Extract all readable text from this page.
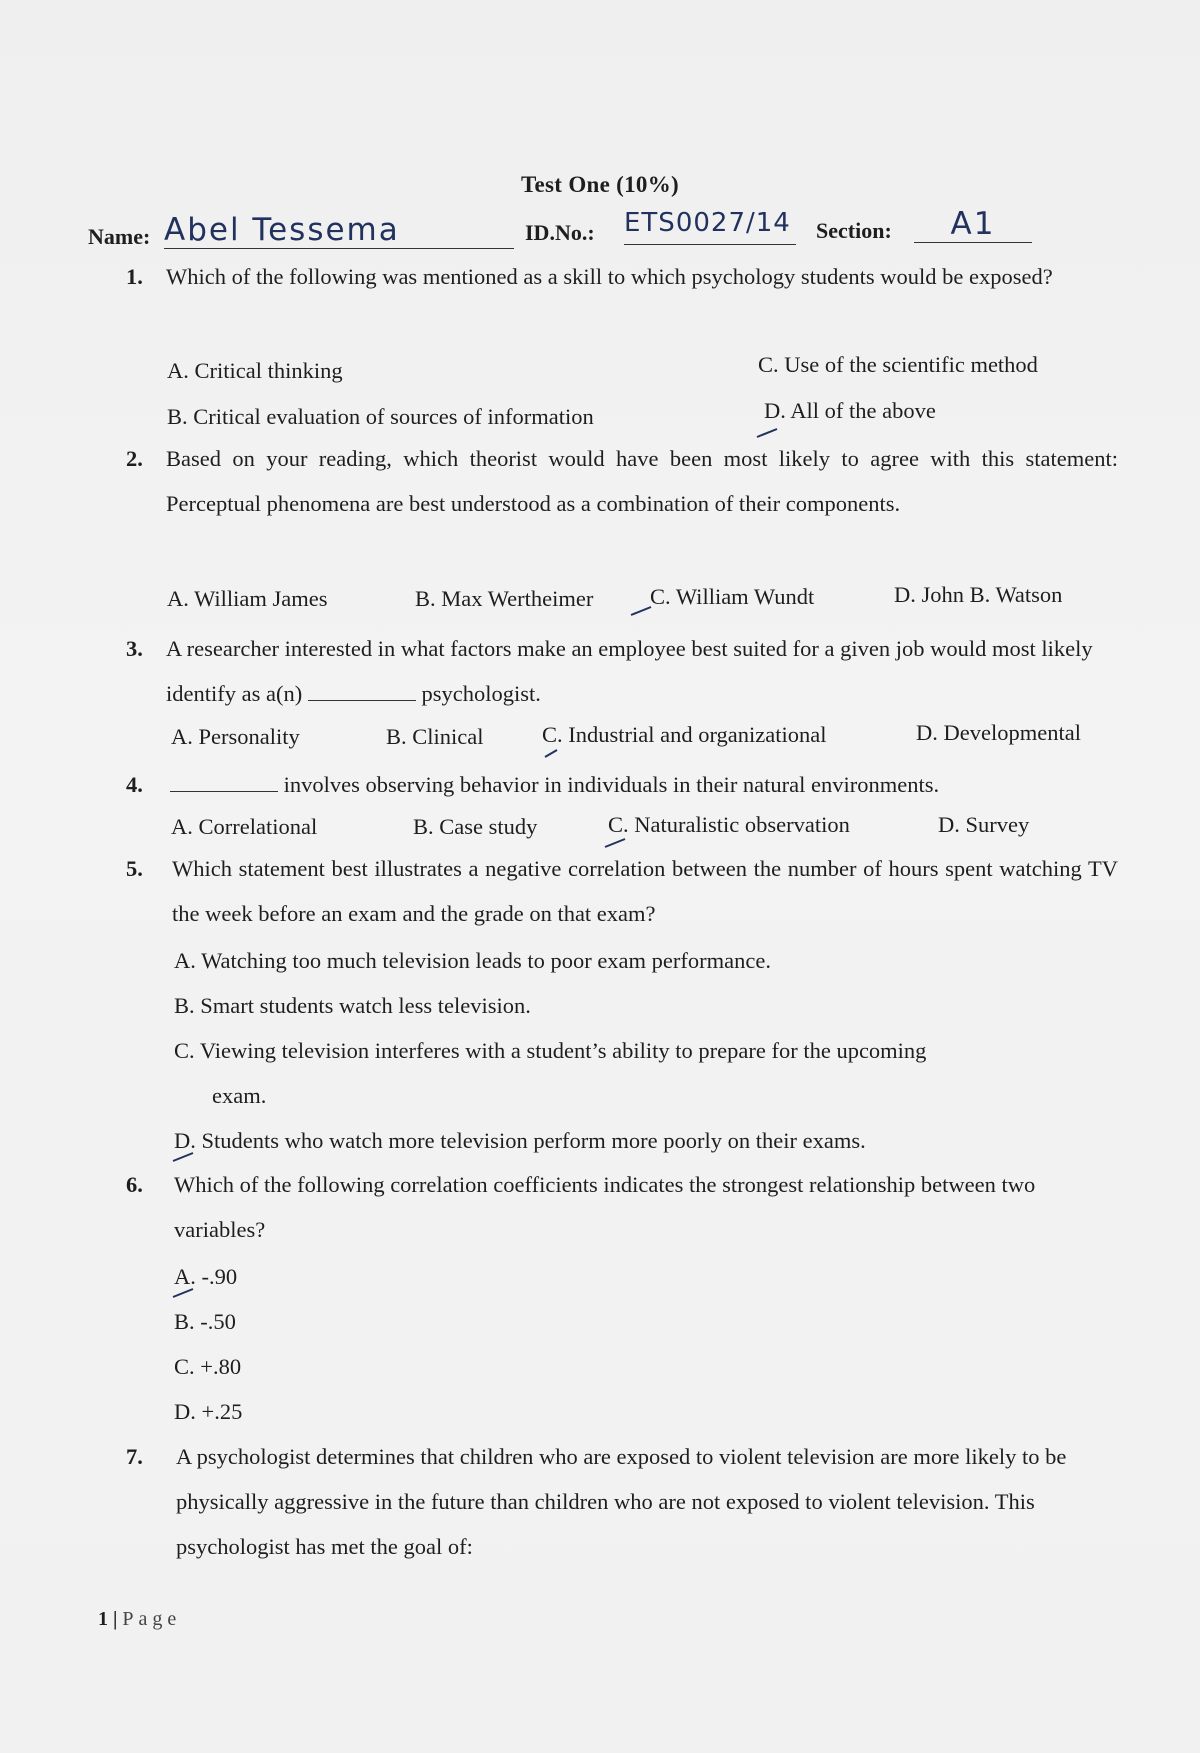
Test One (10%)
Name: Abel Tessema	ID.No.: ETS0027/14 Section:	A1
1. Which of the following was mentioned as a skill to which psychology students would be exposed?
A. Critical thinking	C. Use of the scientific method
B. Critical evaluation of sources of information	D. All of the above
2. Based on your reading, which theorist would have been most likely to agree with this statement: Perceptual phenomena are best understood as a combination of their components.
A. William James	B. Max Wertheimer	C. William Wundt	D. John B. Watson
3. A researcher interested in what factors make an employee best suited for a given job would most likely identify as a(n)	psychologist.
A. Personality	B. Clinical	C. Industrial and organizational	D. Developmental
4.	involves observing behavior in individuals in their natural environments.
A. Correlational	B. Case study	C. Naturalistic observation	D. Survey
5. Which statement best illustrates a negative correlation between the number of hours spent watching TV the week before an exam and the grade on that exam?
A. Watching too much television leads to poor exam performance.
B. Smart students watch less television.
C. Viewing television interferes with a student’s ability to prepare for the upcoming
exam.
D. Students who watch more television perform more poorly on their exams.
6. Which of the following correlation coefficients indicates the strongest relationship between two variables?
A. -.90
B. -.50
C. +.80
D. +.25
7. A psychologist determines that children who are exposed to violent television are more likely to be physically aggressive in the future than children who are not exposed to violent television. This psychologist has met the goal of:
1 | Page
